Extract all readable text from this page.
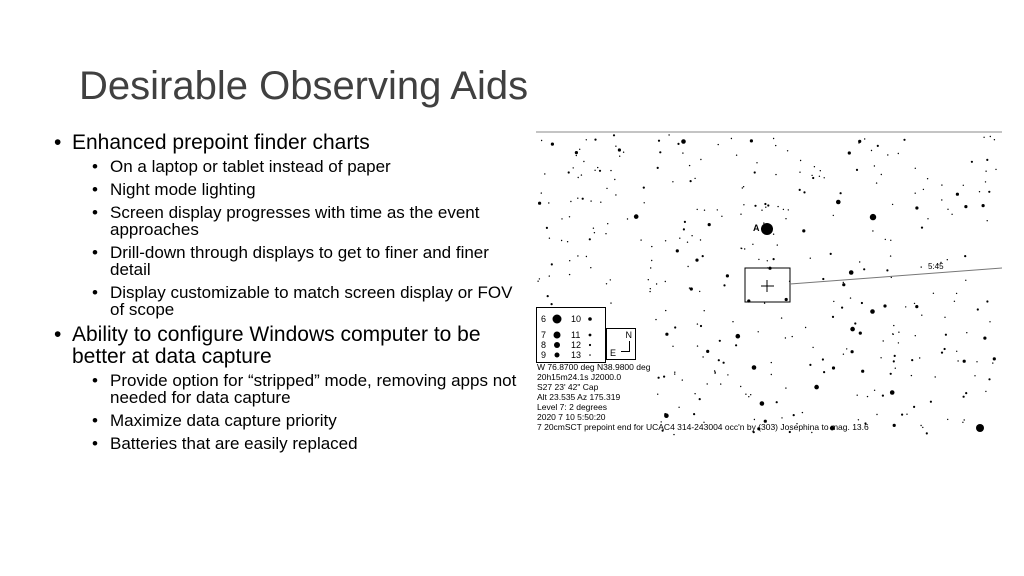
Desirable Observing Aids
• Enhanced prepoint finder charts
• On a laptop or tablet instead of paper
• Night mode lighting
• Screen display progresses with time as the event approaches
• Drill-down through displays to get to finer and finer detail
• Display customizable to match screen display or FOV of scope
• Ability to configure Windows computer to be better at data capture
• Provide option for “stripped” mode, removing apps not needed for data capture
• Maximize data capture priority
• Batteries that are easily replaced
A
5:45
6
7
8
9
10
11
12
13
N
E
W 76.8700 deg N38.9800 deg
20h15m24.1s J2000.0
S27 23' 42" Cap
Alt 23.535 Az 175.319
Level 7: 2 degrees
2020 7 10 5:50:20
7 20cmSCT prepoint end for UCAC4 314-243004 occ'n by (303) Josephina to mag. 13.6
